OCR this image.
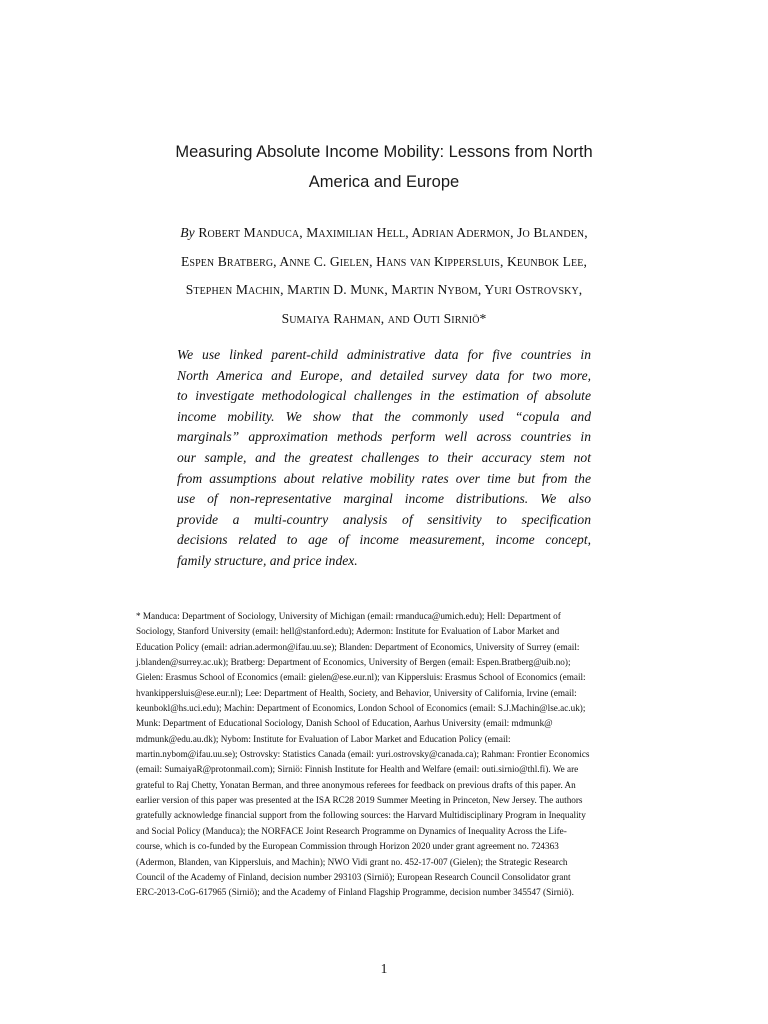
Measuring Absolute Income Mobility: Lessons from North
America and Europe
By Robert Manduca, Maximilian Hell, Adrian Adermon, Jo Blanden,
Espen Bratberg, Anne C. Gielen, Hans van Kippersluis, Keunbok Lee,
Stephen Machin, Martin D. Munk, Martin Nybom, Yuri Ostrovsky,
Sumaiya Rahman, and Outi Sirniö*
We use linked parent-child administrative data for five countries in
North America and Europe, and detailed survey data for two more,
to investigate methodological challenges in the estimation of absolute
income mobility. We show that the commonly used “copula and
marginals” approximation methods perform well across countries in
our sample, and the greatest challenges to their accuracy stem not
from assumptions about relative mobility rates over time but from the
use of non-representative marginal income distributions. We also
provide a multi-country analysis of sensitivity to specification
decisions related to age of income measurement, income concept,
family structure, and price index.
* Manduca: Department of Sociology, University of Michigan (email: rmanduca@umich.edu); Hell: Department of
Sociology, Stanford University (email: hell@stanford.edu); Adermon: Institute for Evaluation of Labor Market and
Education Policy (email: adrian.adermon@ifau.uu.se); Blanden: Department of Economics, University of Surrey (email:
j.blanden@surrey.ac.uk); Bratberg: Department of Economics, University of Bergen (email: Espen.Bratberg@uib.no);
Gielen: Erasmus School of Economics (email: gielen@ese.eur.nl); van Kippersluis: Erasmus School of Economics (email:
hvankippersluis@ese.eur.nl); Lee: Department of Health, Society, and Behavior, University of California, Irvine (email:
keunbokl@hs.uci.edu); Machin: Department of Economics, London School of Economics (email: S.J.Machin@lse.ac.uk);
Munk: Department of Educational Sociology, Danish School of Education, Aarhus University (email: mdmunk@
mdmunk@edu.au.dk); Nybom: Institute for Evaluation of Labor Market and Education Policy (email:
martin.nybom@ifau.uu.se); Ostrovsky: Statistics Canada (email: yuri.ostrovsky@canada.ca); Rahman: Frontier Economics
(email: SumaiyaR@protonmail.com); Sirniö: Finnish Institute for Health and Welfare (email: outi.sirnio@thl.fi). We are
grateful to Raj Chetty, Yonatan Berman, and three anonymous referees for feedback on previous drafts of this paper. An
earlier version of this paper was presented at the ISA RC28 2019 Summer Meeting in Princeton, New Jersey. The authors
gratefully acknowledge financial support from the following sources: the Harvard Multidisciplinary Program in Inequality
and Social Policy (Manduca); the NORFACE Joint Research Programme on Dynamics of Inequality Across the Life-
course, which is co-funded by the European Commission through Horizon 2020 under grant agreement no. 724363
(Adermon, Blanden, van Kippersluis, and Machin); NWO Vidi grant no. 452-17-007 (Gielen); the Strategic Research
Council of the Academy of Finland, decision number 293103 (Sirniö); European Research Council Consolidator grant
ERC-2013-CoG-617965 (Sirniö); and the Academy of Finland Flagship Programme, decision number 345547 (Sirniö).
1
